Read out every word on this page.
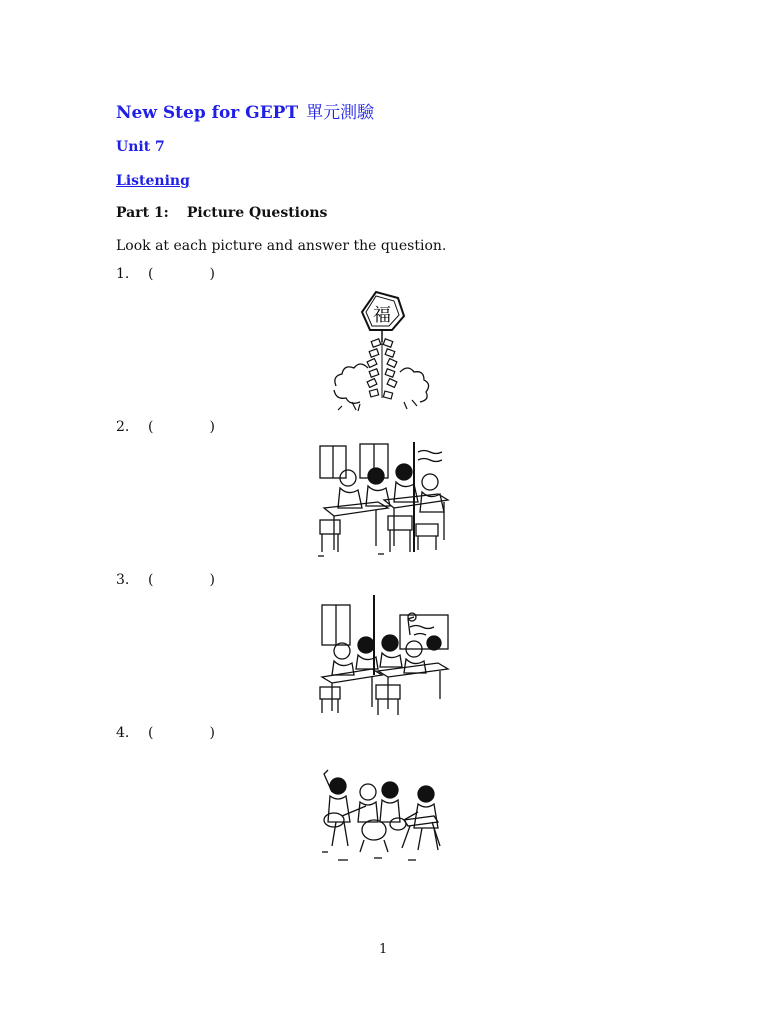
New Step for GEPT 單元測驗
Unit 7
Listening
Part 1: Picture Questions
Look at each picture and answer the question.
1. (	)
福
2. (	)
3. (	)
4. (	)
1
